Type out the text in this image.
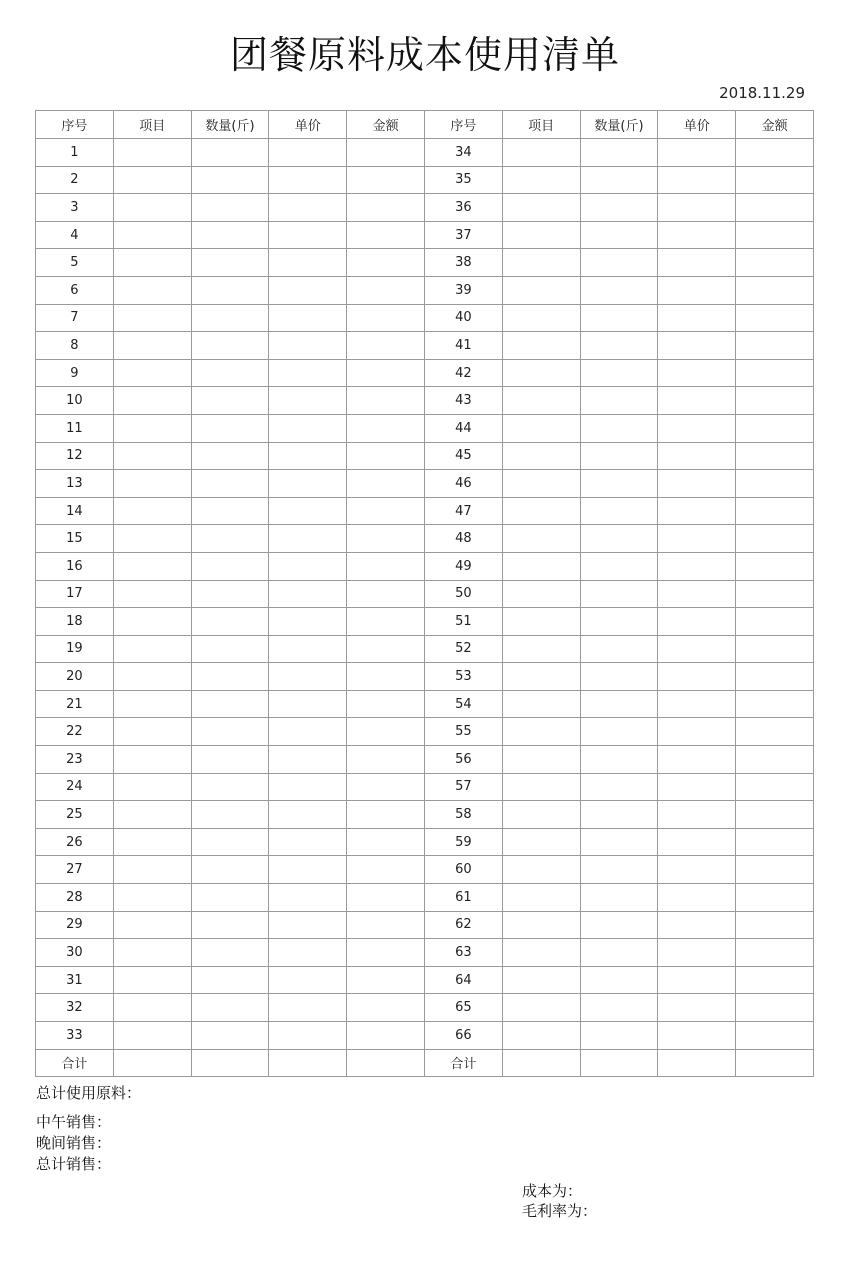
团餐原料成本使用清单
2018.11.29
序号	项目	数量(斤)	单价	金额	序号	项目	数量(斤)	单价	金额
1					34				
2					35				
3					36				
4					37				
5					38				
6					39				
7					40				
8					41				
9					42				
10					43				
11					44				
12					45				
13					46				
14					47				
15					48				
16					49				
17					50				
18					51				
19					52				
20					53				
21					54				
22					55				
23					56				
24					57				
25					58				
26					59				
27					60				
28					61				
29					62				
30					63				
31					64				
32					65				
33					66				
合计					合计				
总计使用原料：
中午销售：
晚间销售：
总计销售：
成本为：
毛利率为：
